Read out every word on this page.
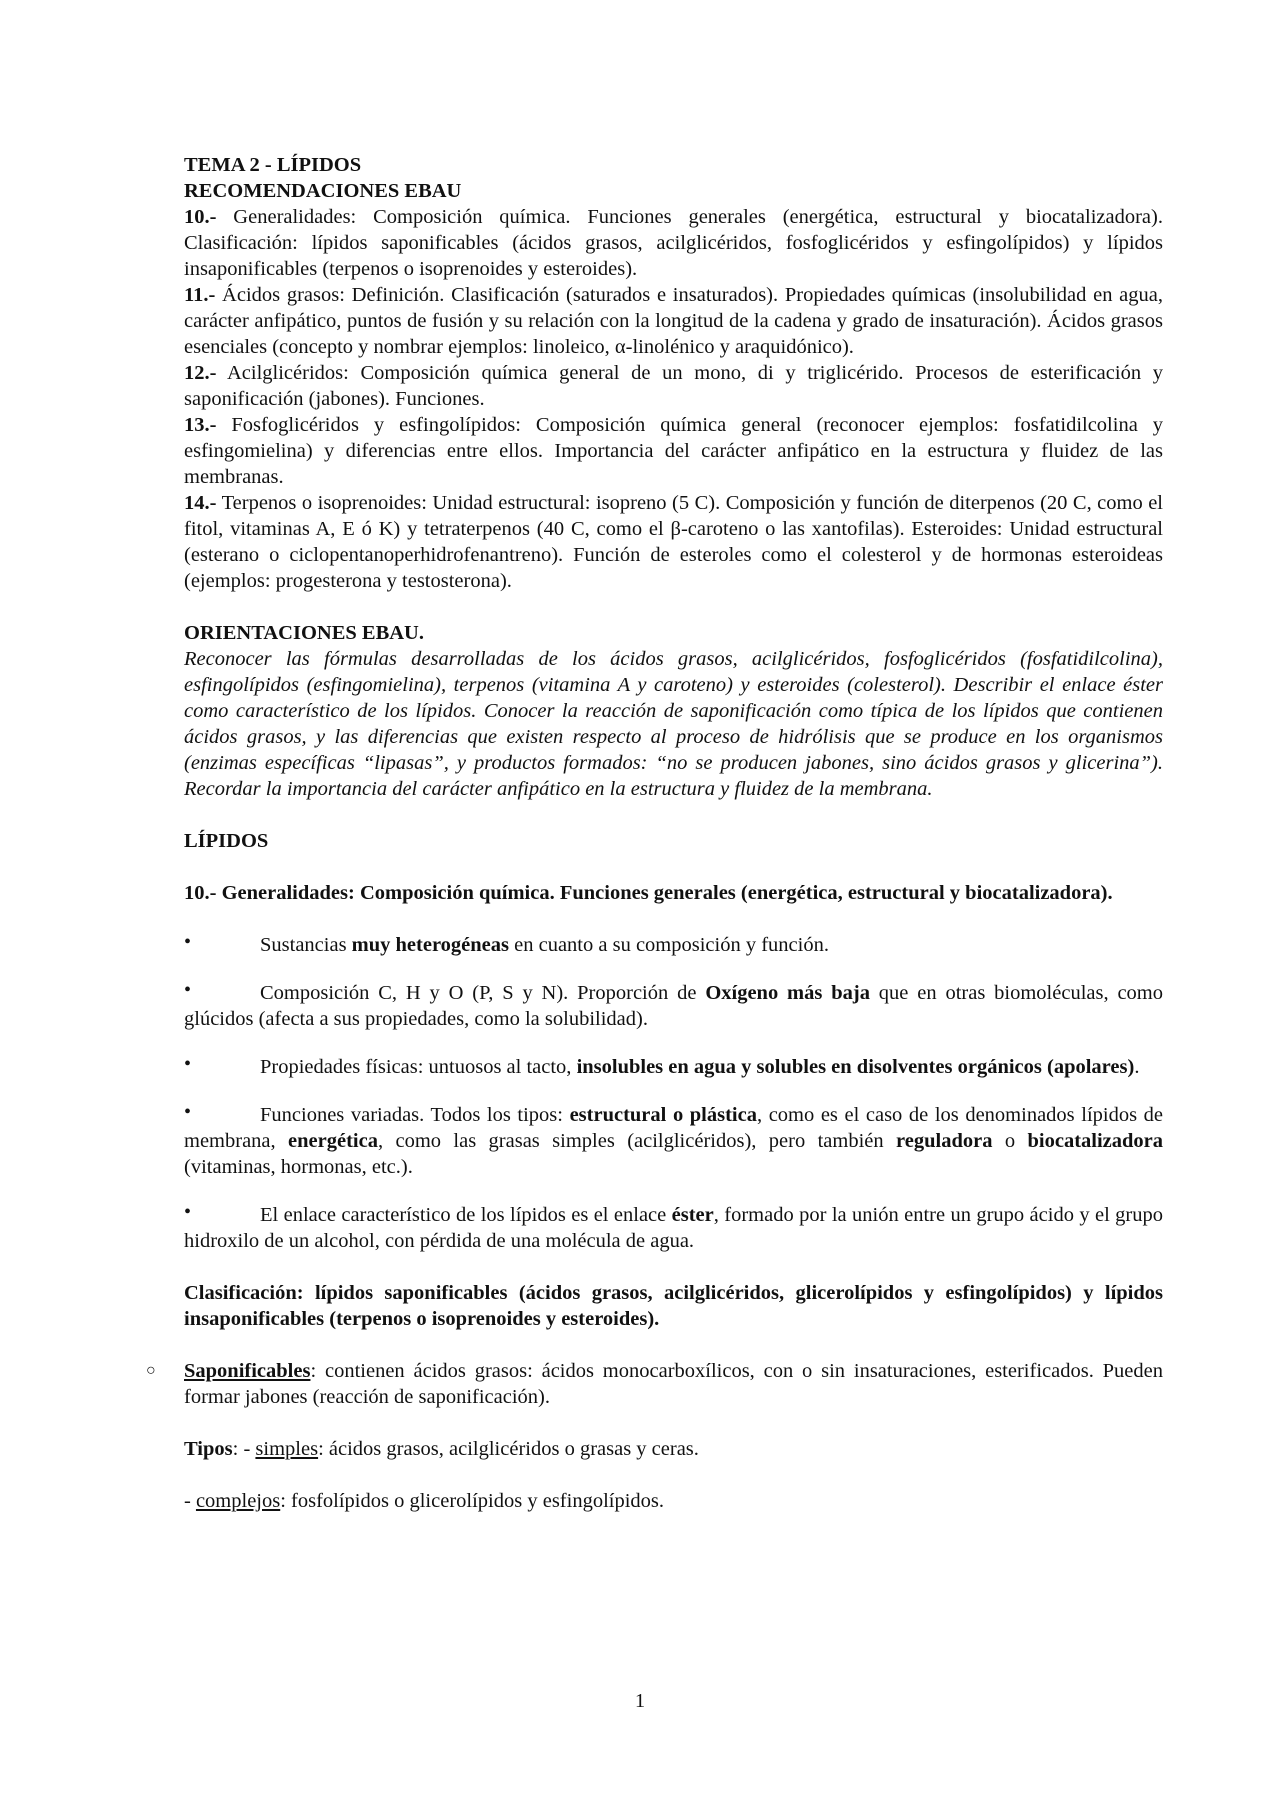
TEMA 2 - LÍPIDOS

RECOMENDACIONES EBAU

10.- Generalidades: Composición química. Funciones generales (energética, estructural y biocatalizadora). Clasificación: lípidos saponificables (ácidos grasos, acilglicéridos, fosfoglicéridos y esfingolípidos) y lípidos insaponificables (terpenos o isoprenoides y esteroides).

11.- Ácidos grasos: Definición. Clasificación (saturados e insaturados). Propiedades químicas (insolubilidad en agua, carácter anfipático, puntos de fusión y su relación con la longitud de la cadena y grado de insaturación). Ácidos grasos esenciales (concepto y nombrar ejemplos: linoleico, α-linolénico y araquidónico).

12.- Acilglicéridos: Composición química general de un mono, di y triglicérido. Procesos de esterificación y saponificación (jabones). Funciones.

13.- Fosfoglicéridos y esfingolípidos: Composición química general (reconocer ejemplos: fosfatidilcolina y esfingomielina) y diferencias entre ellos. Importancia del carácter anfipático en la estructura y fluidez de las membranas.

14.- Terpenos o isoprenoides: Unidad estructural: isopreno (5 C). Composición y función de diterpenos (20 C, como el fitol, vitaminas A, E ó K) y tetraterpenos (40 C, como el β-caroteno o las xantofilas). Esteroides: Unidad estructural (esterano o ciclopentanoperhidrofenantreno). Función de esteroles como el colesterol y de hormonas esteroideas (ejemplos: progesterona y testosterona).

ORIENTACIONES EBAU.

Reconocer las fórmulas desarrolladas de los ácidos grasos, acilglicéridos, fosfoglicéridos (fosfatidilcolina), esfingolípidos (esfingomielina), terpenos (vitamina A y caroteno) y esteroides (colesterol). Describir el enlace éster como característico de los lípidos. Conocer la reacción de saponificación como típica de los lípidos que contienen ácidos grasos, y las diferencias que existen respecto al proceso de hidrólisis que se produce en los organismos (enzimas específicas “lipasas”, y productos formados: “no se producen jabones, sino ácidos grasos y glicerina”). Recordar la importancia del carácter anfipático en la estructura y fluidez de la membrana.

LÍPIDOS

10.- Generalidades: Composición química. Funciones generales (energética, estructural y biocatalizadora).

•	Sustancias muy heterogéneas en cuanto a su composición y función.

•	Composición C, H y O (P, S y N). Proporción de Oxígeno más baja que en otras biomoléculas, como glúcidos (afecta a sus propiedades, como la solubilidad).

•	Propiedades físicas: untuosos al tacto, insolubles en agua y solubles en disolventes orgánicos (apolares).

•	Funciones variadas. Todos los tipos: estructural o plástica, como es el caso de los denominados lípidos de membrana, energética, como las grasas simples (acilglicéridos), pero también reguladora o biocatalizadora (vitaminas, hormonas, etc.).

•	El enlace característico de los lípidos es el enlace éster, formado por la unión entre un grupo ácido y el grupo hidroxilo de un alcohol, con pérdida de una molécula de agua.

Clasificación: lípidos saponificables (ácidos grasos, acilglicéridos, glicerolípidos y esfingolípidos) y lípidos insaponificables (terpenos o isoprenoides y esteroides).

○ Saponificables: contienen ácidos grasos: ácidos monocarboxílicos, con o sin insaturaciones, esterificados. Pueden formar jabones (reacción de saponificación).

Tipos: - simples: ácidos grasos, acilglicéridos o grasas y ceras.

- complejos: fosfolípidos o glicerolípidos y esfingolípidos.

1
